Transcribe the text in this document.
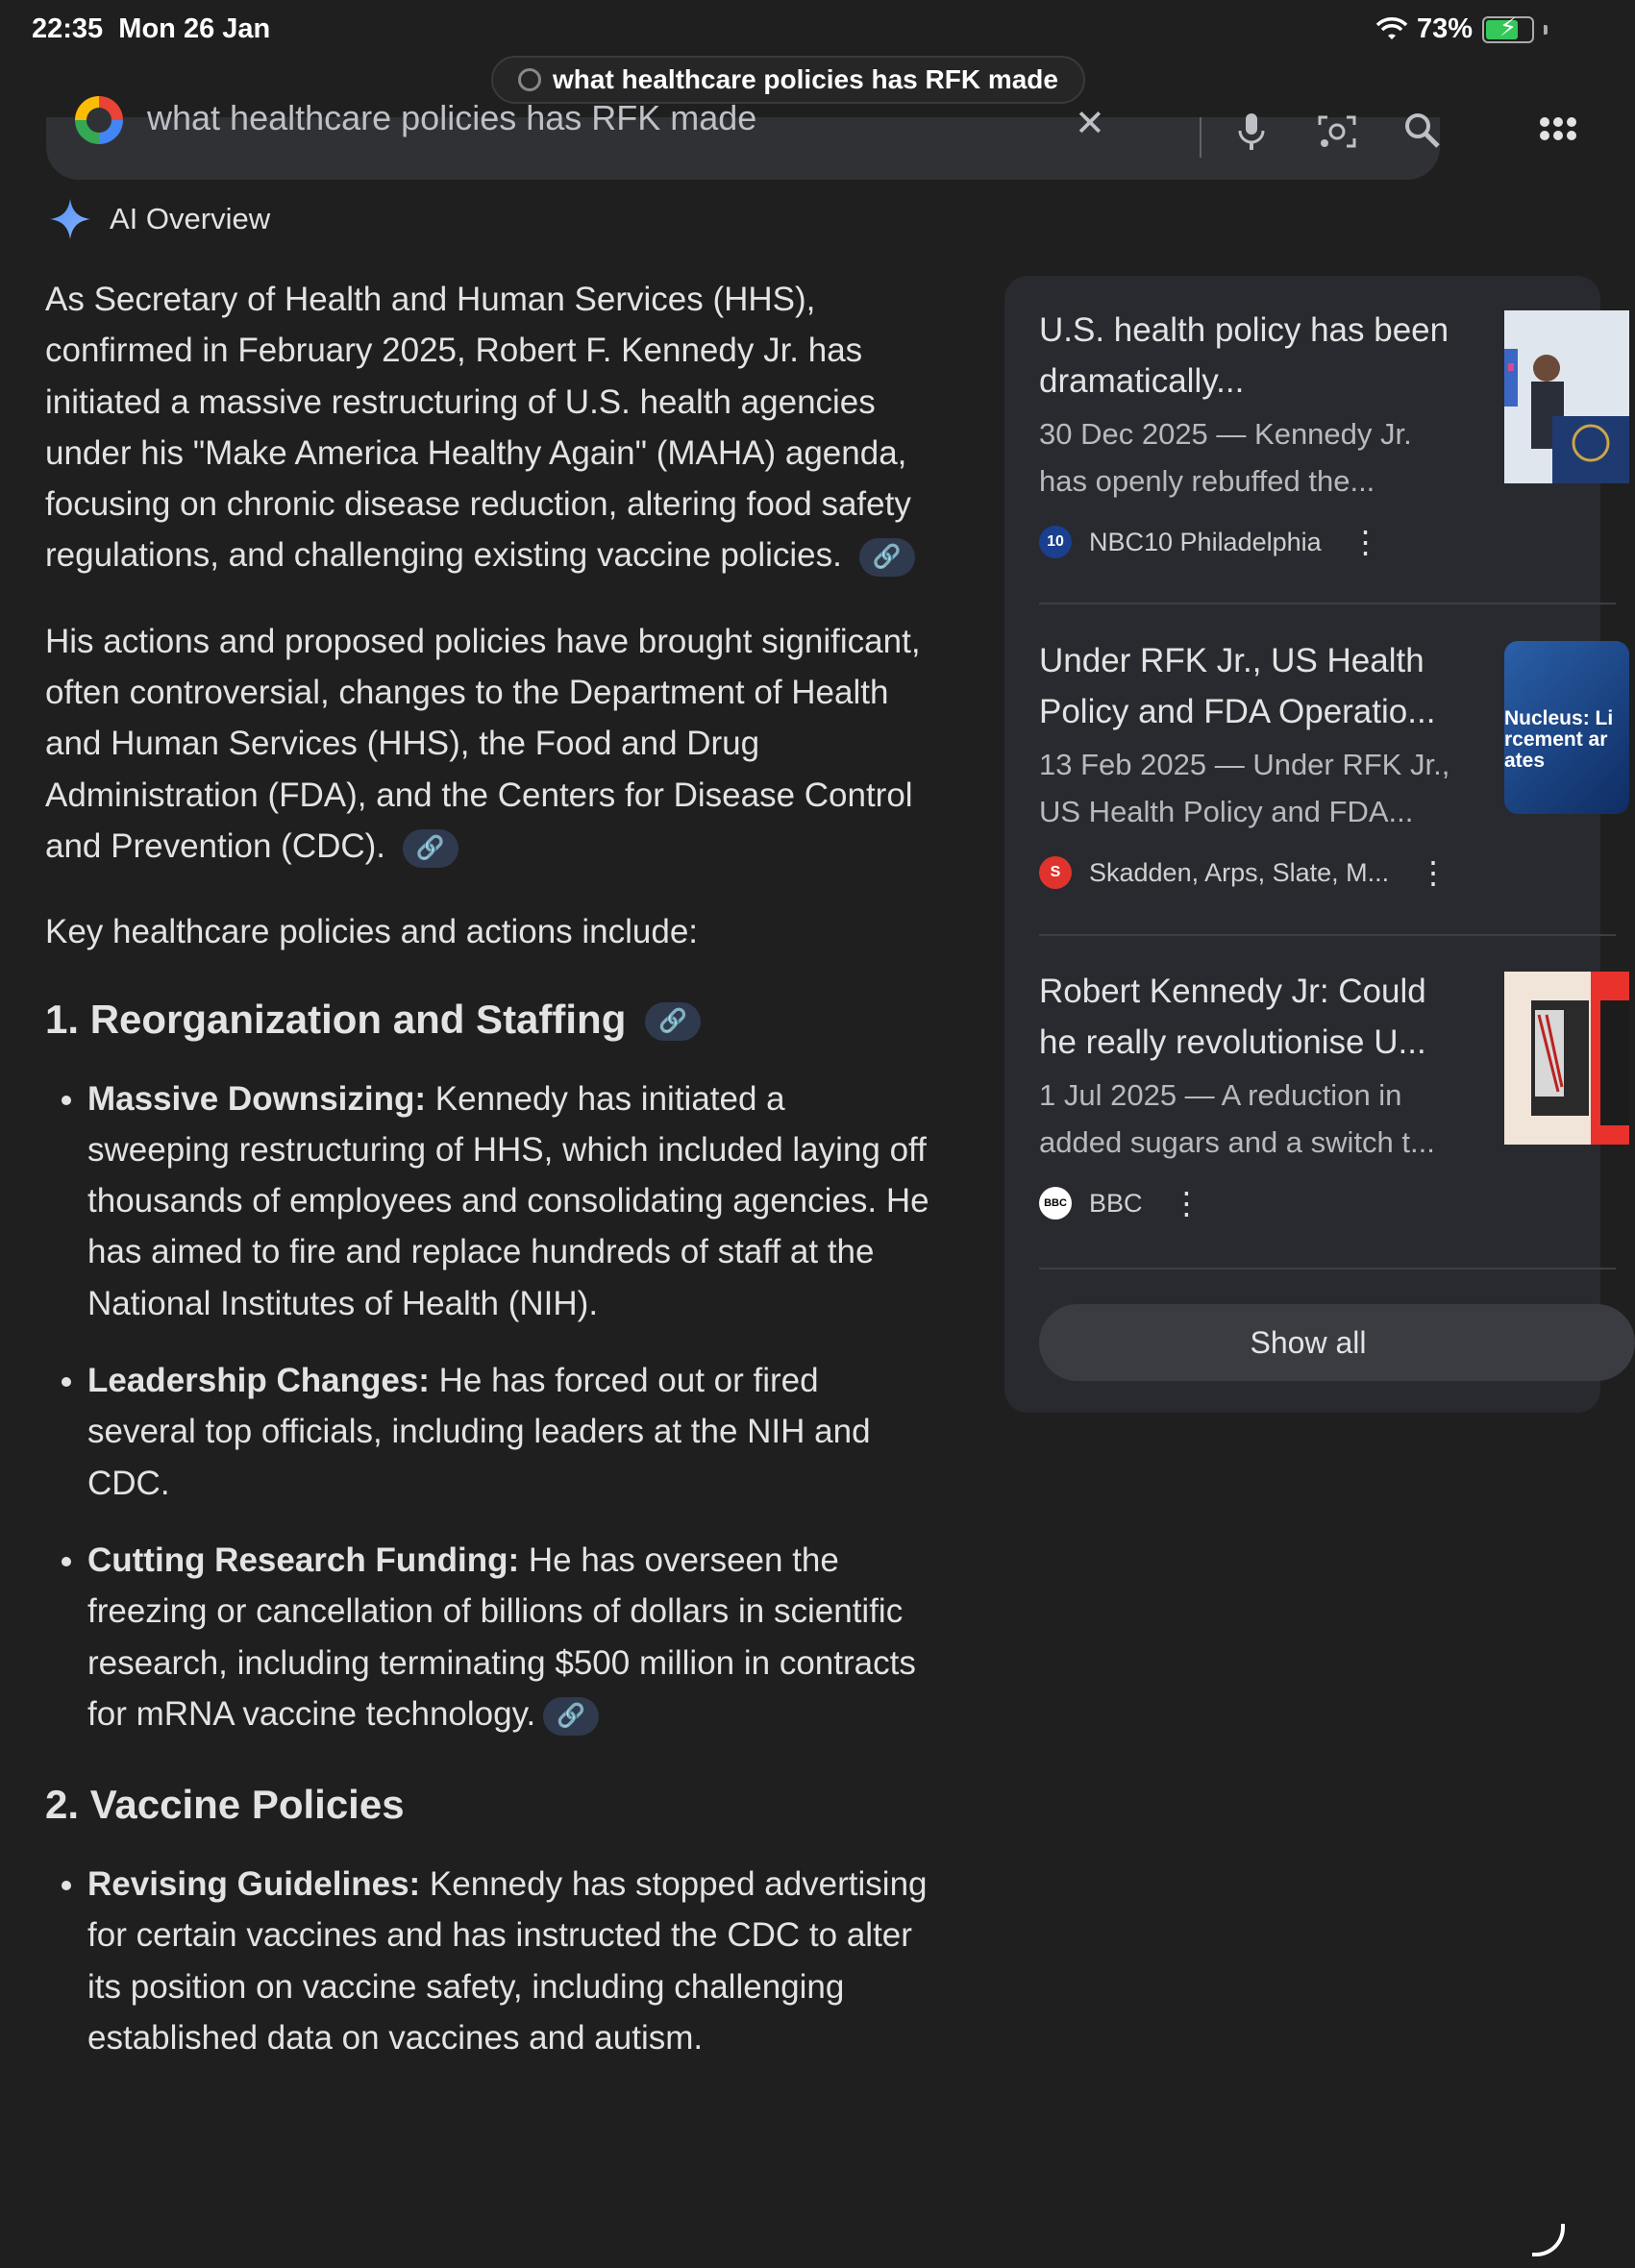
22:35 Mon 26 Jan	73%	⚡
what healthcare policies has RFK made
what healthcare policies has RFK made	✕
AI Overview

As Secretary of Health and Human Services (HHS), confirmed in February 2025, Robert F. Kennedy Jr. has initiated a massive restructuring of U.S. health agencies under his "Make America Healthy Again" (MAHA) agenda, focusing on chronic disease reduction, altering food safety regulations, and challenging existing vaccine policies. 🔗

His actions and proposed policies have brought significant, often controversial, changes to the Department of Health and Human Services (HHS), the Food and Drug Administration (FDA), and the Centers for Disease Control and Prevention (CDC). 🔗

Key healthcare policies and actions include:

1. Reorganization and Staffing 🔗
• Massive Downsizing: Kennedy has initiated a sweeping restructuring of HHS, which included laying off thousands of employees and consolidating agencies. He has aimed to fire and replace hundreds of staff at the National Institutes of Health (NIH).
• Leadership Changes: He has forced out or fired several top officials, including leaders at the NIH and CDC.
• Cutting Research Funding: He has overseen the freezing or cancellation of billions of dollars in scientific research, including terminating $500 million in contracts for mRNA vaccine technology. 🔗
2. Vaccine Policies
• Revising Guidelines: Kennedy has stopped advertising for certain vaccines and has instructed the CDC to alter its position on vaccine safety, including challenging established data on vaccines and autism.
U.S. health policy has been dramatically...
30 Dec 2025 — Kennedy Jr. has openly rebuffed the...
10 NBC10 Philadelphia ⋮
Under RFK Jr., US Health Policy and FDA Operatio...
13 Feb 2025 — Under RFK Jr., US Health Policy and FDA...
S	Skadden, Arps, Slate, M... ⋮
Nucleus: Li
rcement ar
ates
Robert Kennedy Jr: Could he really revolutionise U...
1 Jul 2025 — A reduction in added sugars and a switch t...
BBC BBC ⋮
Show all
